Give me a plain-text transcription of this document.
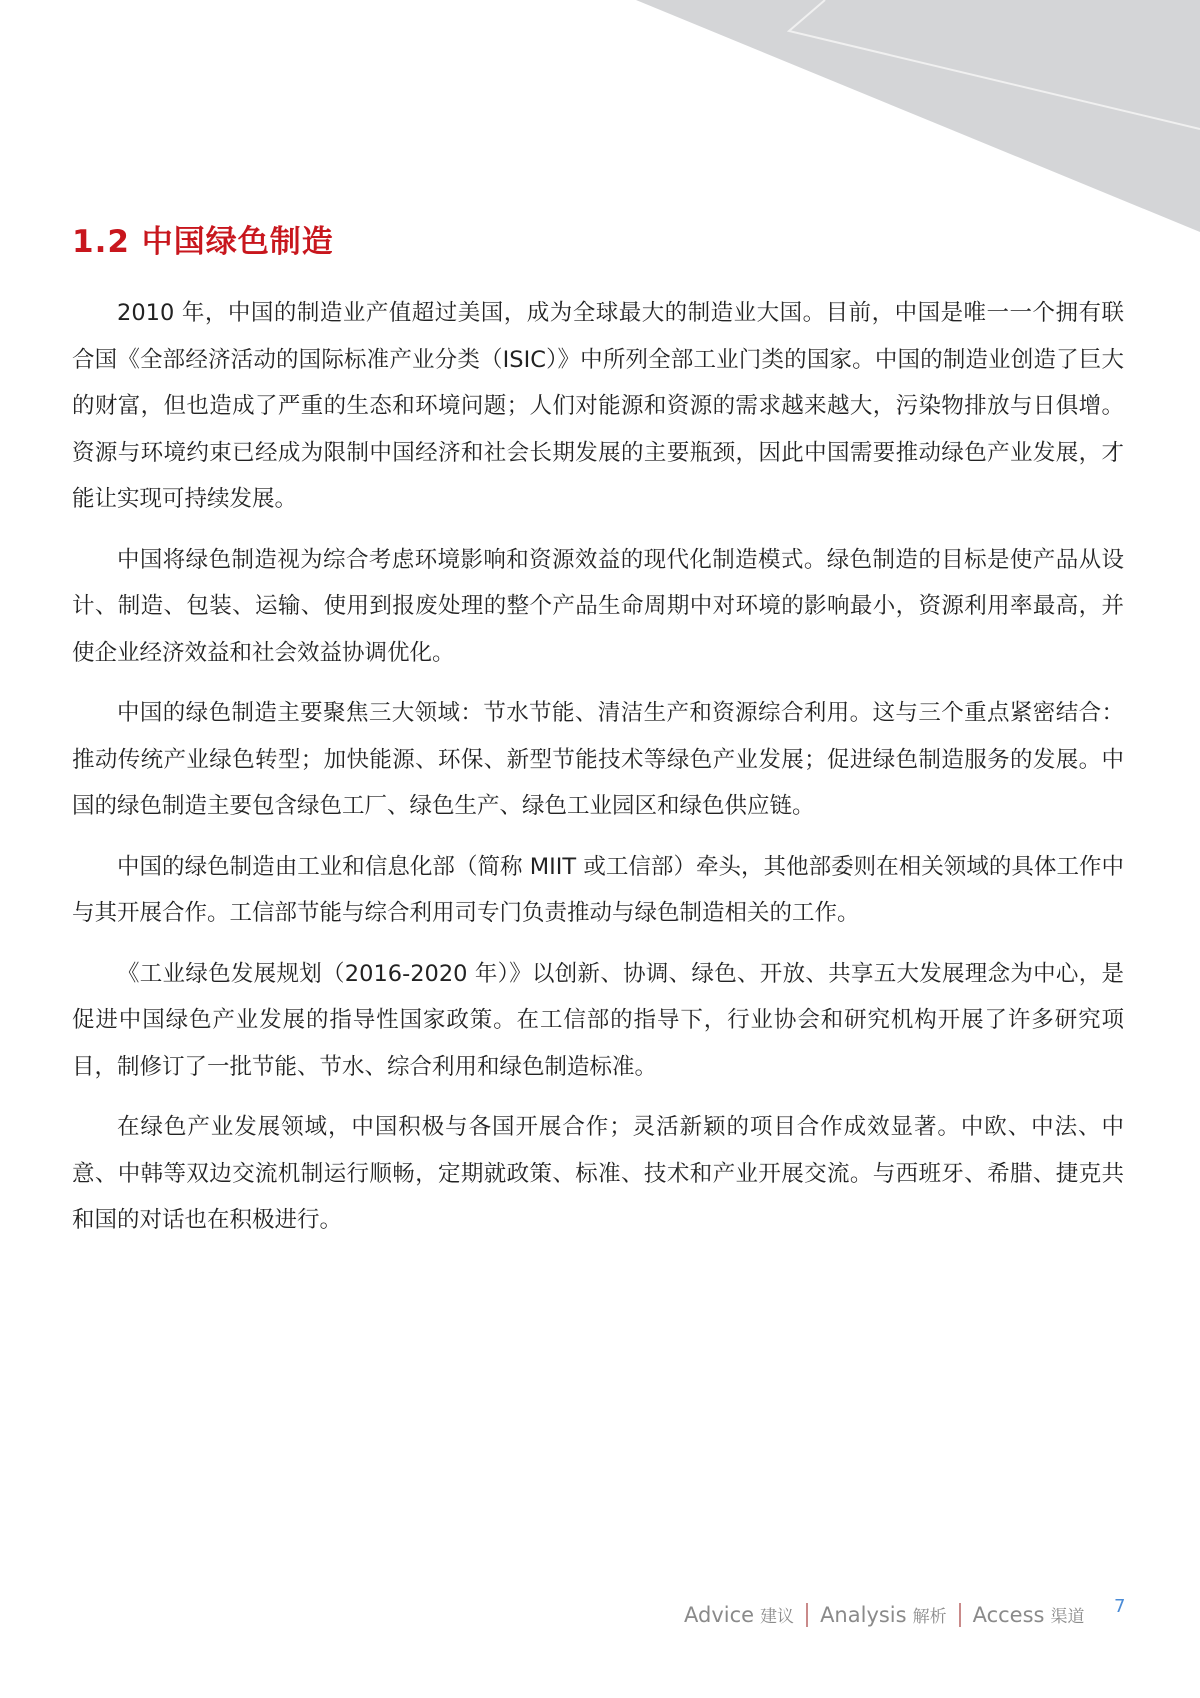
1.2 中国绿色制造

2010 年，中国的制造业产值超过美国，成为全球最大的制造业大国。目前，中国是唯一一个拥有联合国《全部经济活动的国际标准产业分类（ISIC）》中所列全部工业门类的国家。中国的制造业创造了巨大的财富，但也造成了严重的生态和环境问题；人们对能源和资源的需求越来越大，污染物排放与日俱增。资源与环境约束已经成为限制中国经济和社会长期发展的主要瓶颈，因此中国需要推动绿色产业发展，才能让实现可持续发展。

中国将绿色制造视为综合考虑环境影响和资源效益的现代化制造模式。绿色制造的目标是使产品从设计、制造、包装、运输、使用到报废处理的整个产品生命周期中对环境的影响最小，资源利用率最高，并使企业经济效益和社会效益协调优化。

中国的绿色制造主要聚焦三大领域：节水节能、清洁生产和资源综合利用。这与三个重点紧密结合：推动传统产业绿色转型；加快能源、环保、新型节能技术等绿色产业发展；促进绿色制造服务的发展。中国的绿色制造主要包含绿色工厂、绿色生产、绿色工业园区和绿色供应链。

中国的绿色制造由工业和信息化部（简称 MIIT 或工信部）牵头，其他部委则在相关领域的具体工作中与其开展合作。工信部节能与综合利用司专门负责推动与绿色制造相关的工作。

《工业绿色发展规划（2016-2020 年）》以创新、协调、绿色、开放、共享五大发展理念为中心，是促进中国绿色产业发展的指导性国家政策。在工信部的指导下，行业协会和研究机构开展了许多研究项目，制修订了一批节能、节水、综合利用和绿色制造标准。

在绿色产业发展领域，中国积极与各国开展合作；灵活新颖的项目合作成效显著。中欧、中法、中意、中韩等双边交流机制运行顺畅，定期就政策、标准、技术和产业开展交流。与西班牙、希腊、捷克共和国的对话也在积极进行。

Advice 建议 Analysis 解析 Access 渠道 7
